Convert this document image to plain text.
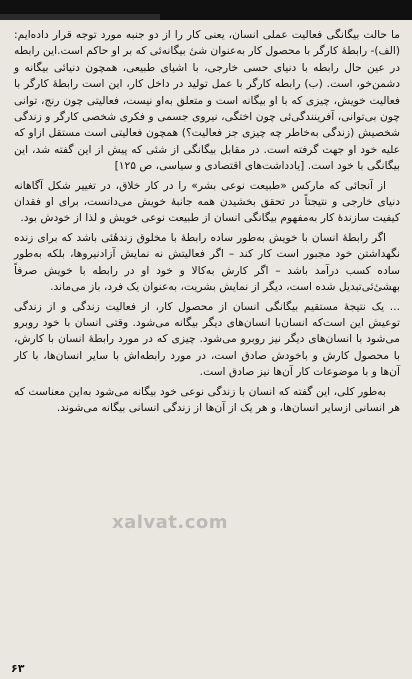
ما حالت بیگانگی فعالیت عملی انسان، یعنی کار را از دو جنبه مورد توجه قرار داده‌ایم: (الف)- رابطهٔ کارگر با محصول کار به‌عنوان شیٔ بیگانه‌ئی که بر او حاکم است.این رابطه در عین حال رابطه با دنیای حسی خارجی، با اشیای طبیعی، همچون دنیائی بیگانه و دشمن‌خو، است. (ب) رابطه کارگر با عمل تولید در داخل کار، این است رابطهٔ کارگر با فعالیت خویش، چیزی که با او بیگانه است و متعلق به‌او نیست، فعالیتی چون رنج، توانی چون بی‌توانی، آفرینندگی‌ئی چون اختگی، نیروی جسمی و فکری شخصی کارگر و زندگی شخصیش (زندگی به‌خاطر چه چیزی جز فعالیت؟) همچون فعالیتی است مستقل ازاو که علیه خود او جهت گرفته است. در مقابل بیگانگی از شئی که پیش از این گفته شد، این بیگانگی با خود است. [یادداشت‌های اقتصادی و سیاسی، ص ۱۲۵]

از آنجائی که مارکس «طبیعت نوعی بشر» را در کار خلاق، در تغییر شکل آگاهانه دنیای خارجی و نتیجتاً در تحقق بخشیدن همه جانبهٔ خویش می‌دانست، برای او فقدان کیفیت سازندهٔ کار به‌مفهوم بیگانگی انسان از طبیعت نوعی خویش و لذا از خودش بود.

اگر رابطهٔ انسان با خویش به‌طور ساده رابطهٔ با مخلوق زندهٔئی باشد که برای زنده نگهداشتن خود مجبور است کار کند – اگر فعالیتش نه نمایش آزادنیروها، بلکه به‌طور ساده کسب درآمد باشد – اگر کارش به‌کالا و خود او در رابطه با خویش صرفاً بهشیٔ‌ئی‌تبدیل شده است، دیگر از نمایش بشریت، به‌عنوان یک فرد، باز می‌ماند.

... یک نتیجهٔ مستقیم بیگانگی انسان از محصول کار، از فعالیت زندگی و از زندگی توعیش این است‌که انسان‌با انسان‌های دیگر بیگانه می‌شود. وقتی انسان با خود روبرو می‌شود با انسان‌های دیگر نیز روبرو می‌شود. چیزی که در مورد رابطهٔ انسان با کارش، با محصول کارش و باخودش صادق است، در مورد رابطه‌اش با سایر انسان‌ها، با کار آن‌ها و با موضوعات کار آن‌ها نیز صادق است.

به‌طور کلی، این گفته که انسان با زندگی نوعی خود بیگانه می‌شود به‌این معناست که هر انسانی ازسایر انسان‌ها، و هر یک از آن‌ها از زندگی انسانی بیگانه می‌شوند.

xalvat.com
۶۳
